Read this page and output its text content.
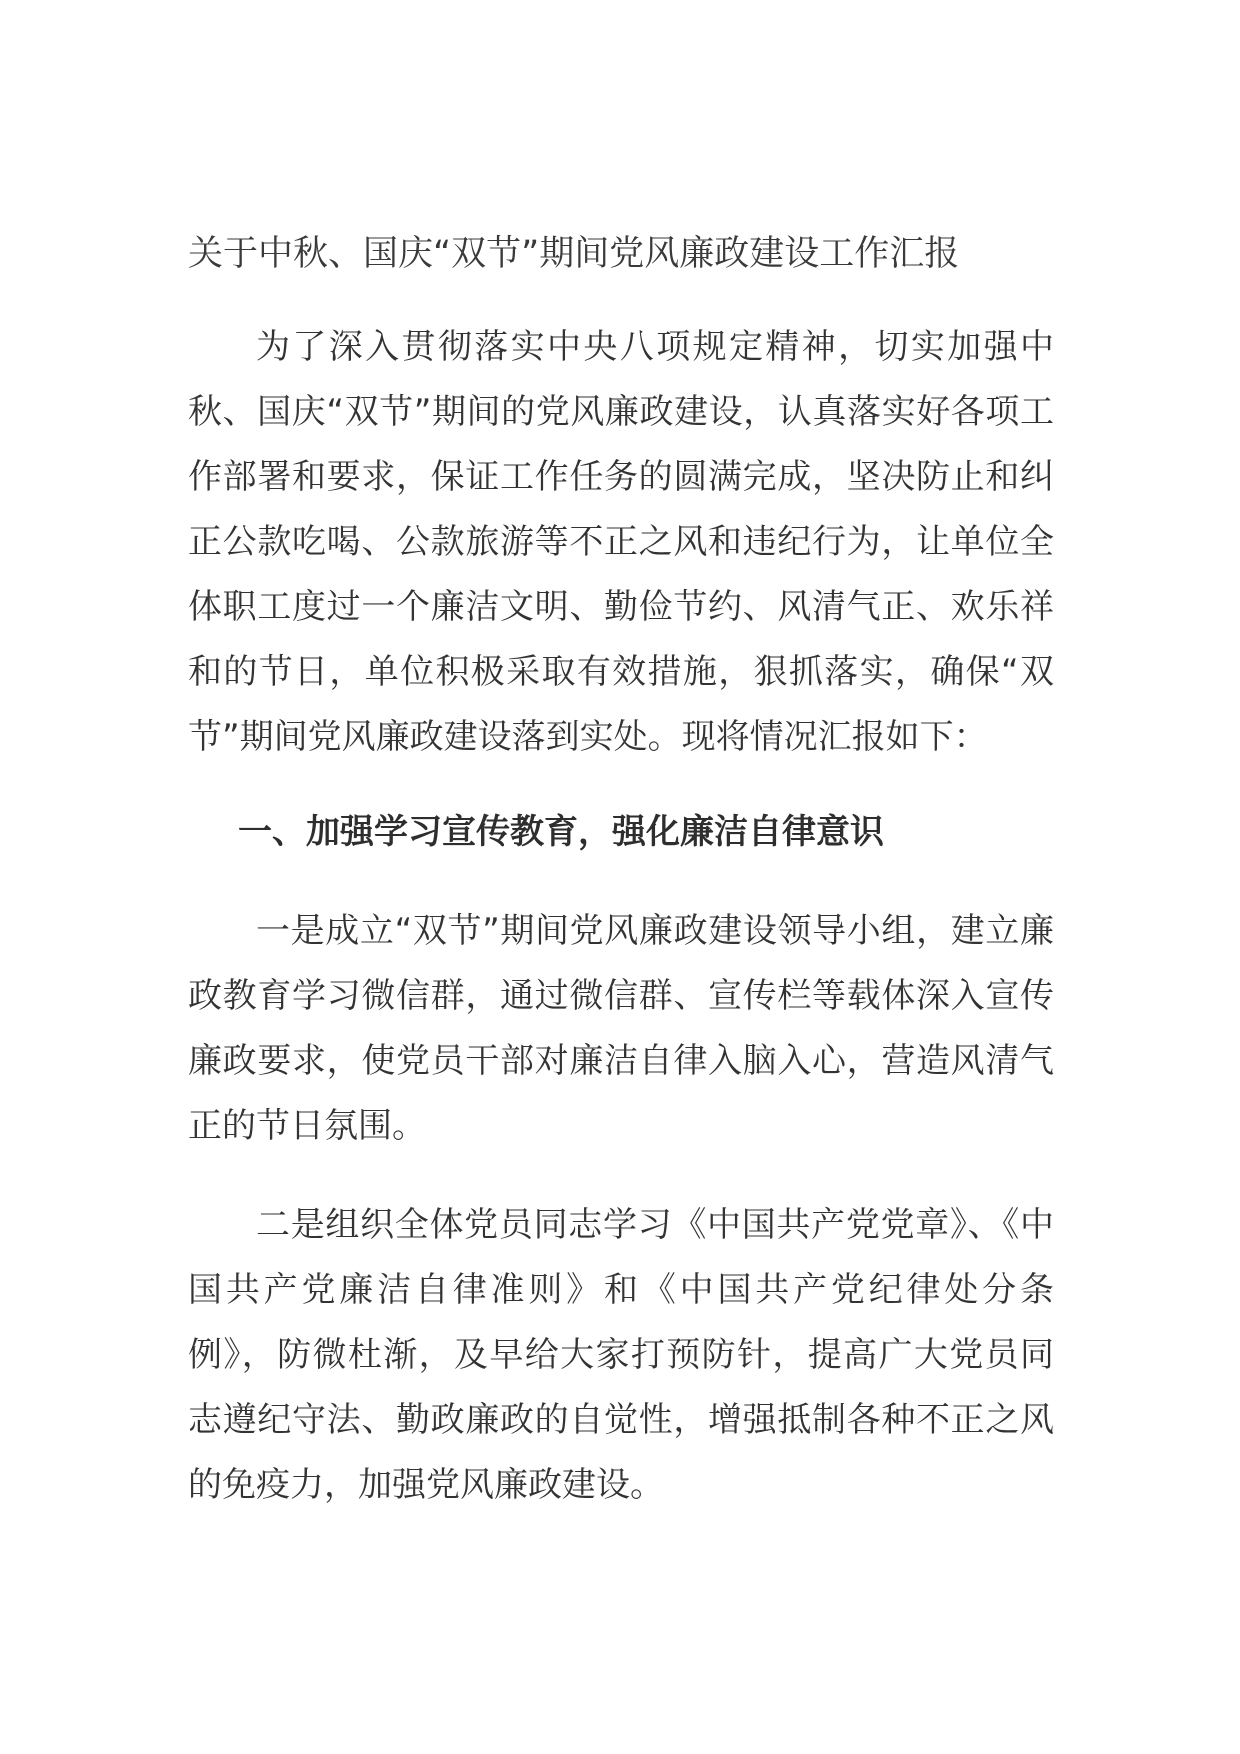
关于中秋、国庆“双节”期间党风廉政建设工作汇报

为了深入贯彻落实中央八项规定精神，切实加强中秋、国庆“双节”期间的党风廉政建设，认真落实好各项工作部署和要求，保证工作任务的圆满完成，坚决防止和纠正公款吃喝、公款旅游等不正之风和违纪行为，让单位全体职工度过一个廉洁文明、勤俭节约、风清气正、欢乐祥和的节日，单位积极采取有效措施，狠抓落实，确保“双节”期间党风廉政建设落到实处。现将情况汇报如下：

一、加强学习宣传教育，强化廉洁自律意识

一是成立“双节”期间党风廉政建设领导小组，建立廉政教育学习微信群，通过微信群、宣传栏等载体深入宣传廉政要求，使党员干部对廉洁自律入脑入心，营造风清气正的节日氛围。

二是组织全体党员同志学习《中国共产党党章》、《中国共产党廉洁自律准则》和《中国共产党纪律处分条例》，防微杜渐，及早给大家打预防针，提高广大党员同志遵纪守法、勤政廉政的自觉性，增强抵制各种不正之风的免疫力，加强党风廉政建设。
